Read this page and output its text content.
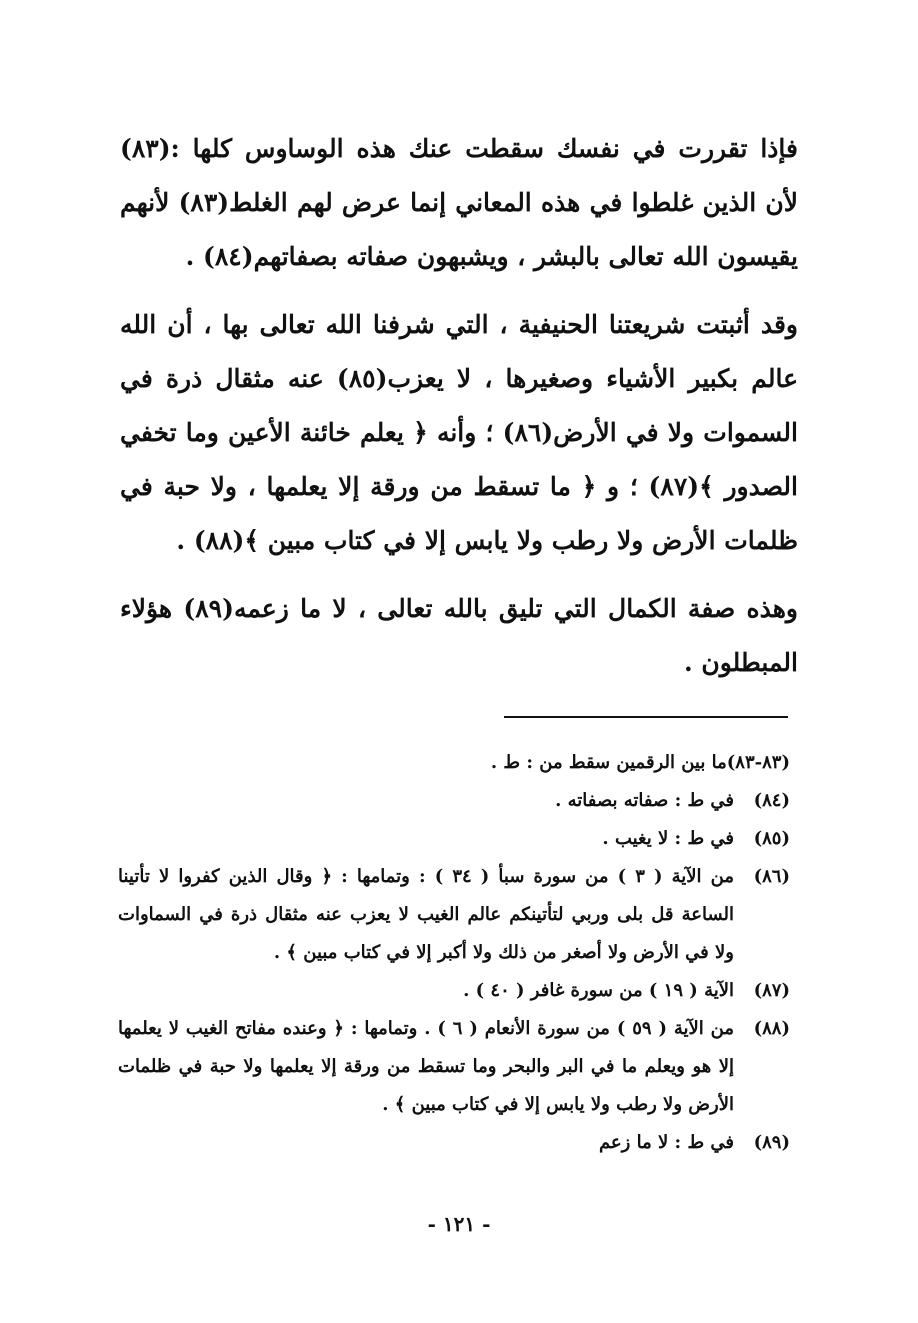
فإذا تقررت في نفسك سقطت عنك هذه الوساوس كلها :(٨٣) لأن الذين غلطوا في هذه المعاني إنما عرض لهم الغلط(٨٣) لأنهم يقيسون الله تعالى بالبشر ، ويشبهون صفاته بصفاتهم(٨٤) .

وقد أثبتت شريعتنا الحنيفية ، التي شرفنا الله تعالى بها ، أن الله عالم بكبير الأشياء وصغيرها ، لا يعزب(٨٥) عنه مثقال ذرة في السموات ولا في الأرض(٨٦) ؛ وأنه ﴿ يعلم خائنة الأعين وما تخفي الصدور ﴾(٨٧) ؛ و ﴿ ما تسقط من ورقة إلا يعلمها ، ولا حبة في ظلمات الأرض ولا رطب ولا يابس إلا في كتاب مبين ﴾(٨٨) .

وهذه صفة الكمال التي تليق بالله تعالى ، لا ما زعمه(٨٩) هؤلاء المبطلون .

(٨٣-٨٣)
ما بين الرقمين سقط من : ط .
(٨٤)
في ط : صفاته بصفاته .
(٨٥)
في ط : لا يغيب .
(٨٦)
من الآية ( ٣ ) من سورة سبأ ( ٣٤ ) : وتمامها : ﴿ وقال الذين كفروا لا تأتينا الساعة قل بلى وربي لتأتينكم عالم الغيب لا يعزب عنه مثقال ذرة في السماوات ولا في الأرض ولا أصغر من ذلك ولا أكبر إلا في كتاب مبين ﴾ .
(٨٧)
الآية ( ١٩ ) من سورة غافر ( ٤٠ ) .
(٨٨)
من الآية ( ٥٩ ) من سورة الأنعام ( ٦ ) . وتمامها : ﴿ وعنده مفاتح الغيب لا يعلمها إلا هو ويعلم ما في البر والبحر وما تسقط من ورقة إلا يعلمها ولا حبة في ظلمات الأرض ولا رطب ولا يابس إلا في كتاب مبين ﴾ .
(٨٩)
في ط : لا ما زعم
- ١٢١ -
